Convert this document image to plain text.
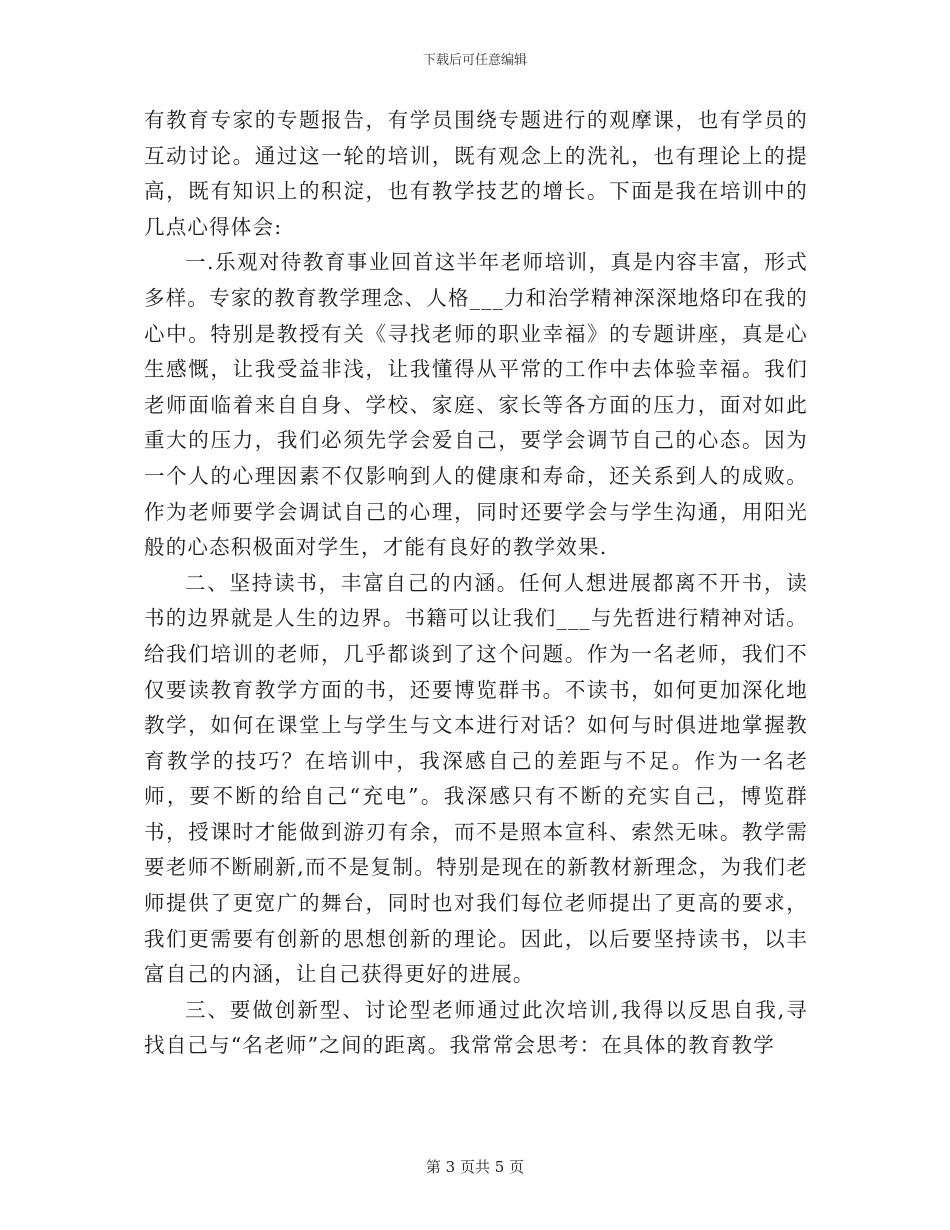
下载后可任意编辑

有教育专家的专题报告，有学员围绕专题进行的观摩课，也有学员的互动讨论。通过这一轮的培训，既有观念上的洗礼，也有理论上的提高，既有知识上的积淀，也有教学技艺的增长。下面是我在培训中的几点心得体会:

一.乐观对待教育事业回首这半年老师培训，真是内容丰富，形式多样。专家的教育教学理念、人格___力和治学精神深深地烙印在我的心中。特别是教授有关《寻找老师的职业幸福》的专题讲座，真是心生感慨，让我受益非浅，让我懂得从平常的工作中去体验幸福。我们老师面临着来自自身、学校、家庭、家长等各方面的压力，面对如此重大的压力，我们必须先学会爱自己，要学会调节自己的心态。因为一个人的心理因素不仅影响到人的健康和寿命，还关系到人的成败。作为老师要学会调试自己的心理，同时还要学会与学生沟通，用阳光般的心态积极面对学生，才能有良好的教学效果.

二、坚持读书，丰富自己的内涵。任何人想进展都离不开书，读书的边界就是人生的边界。书籍可以让我们___与先哲进行精神对话。给我们培训的老师，几乎都谈到了这个问题。作为一名老师，我们不仅要读教育教学方面的书，还要博览群书。不读书，如何更加深化地教学，如何在课堂上与学生与文本进行对话？如何与时俱进地掌握教育教学的技巧？在培训中，我深感自己的差距与不足。作为一名老师，要不断的给自己“充电”。我深感只有不断的充实自己，博览群书，授课时才能做到游刃有余，而不是照本宣科、索然无味。教学需要老师不断刷新,而不是复制。特别是现在的新教材新理念，为我们老师提供了更宽广的舞台，同时也对我们每位老师提出了更高的要求，我们更需要有创新的思想创新的理论。因此，以后要坚持读书，以丰富自己的内涵，让自己获得更好的进展。

三、要做创新型、讨论型老师通过此次培训,我得以反思自我,寻找自己与“名老师”之间的距离。我常常会思考：在具体的教育教学

第 3 页共 5 页
